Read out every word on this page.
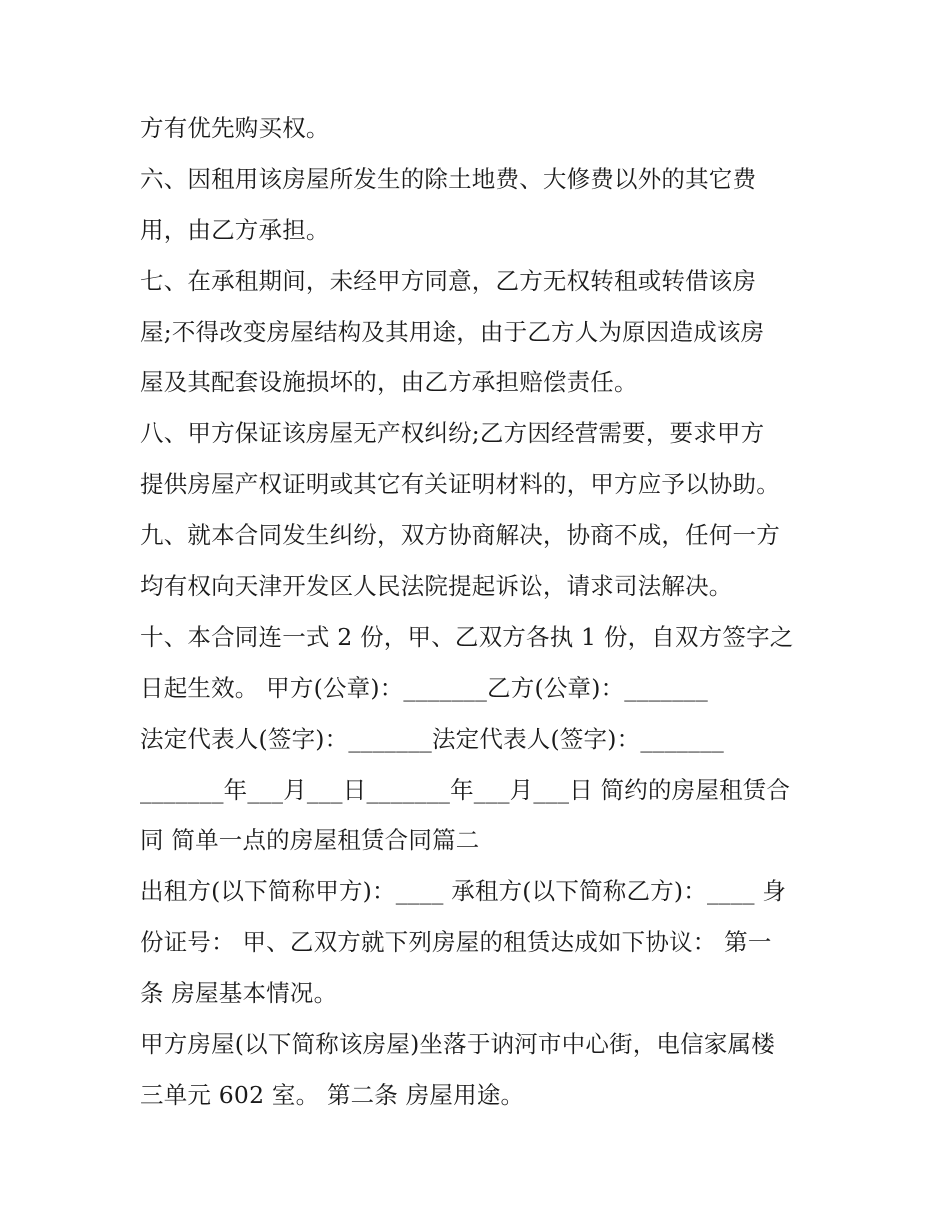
方有优先购买权。
六、因租用该房屋所发生的除土地费、大修费以外的其它费
用，由乙方承担。
七、在承租期间，未经甲方同意，乙方无权转租或转借该房
屋;不得改变房屋结构及其用途，由于乙方人为原因造成该房
屋及其配套设施损坏的，由乙方承担赔偿责任。
八、甲方保证该房屋无产权纠纷;乙方因经营需要，要求甲方
提供房屋产权证明或其它有关证明材料的，甲方应予以协助。
九、就本合同发生纠纷，双方协商解决，协商不成，任何一方
均有权向天津开发区人民法院提起诉讼，请求司法解决。
十、本合同连一式 2 份，甲、乙双方各执 1 份，自双方签字之
日起生效。 甲方(公章)：_______乙方(公章)：_______
法定代表人(签字)：_______法定代表人(签字)：_______
_______年___月___日_______年___月___日 简约的房屋租赁合
同 简单一点的房屋租赁合同篇二
出租方(以下简称甲方)：____ 承租方(以下简称乙方)：____ 身
份证号： 甲、乙双方就下列房屋的租赁达成如下协议： 第一
条 房屋基本情况。
甲方房屋(以下简称该房屋)坐落于讷河市中心街，电信家属楼
三单元 602 室。 第二条 房屋用途。
